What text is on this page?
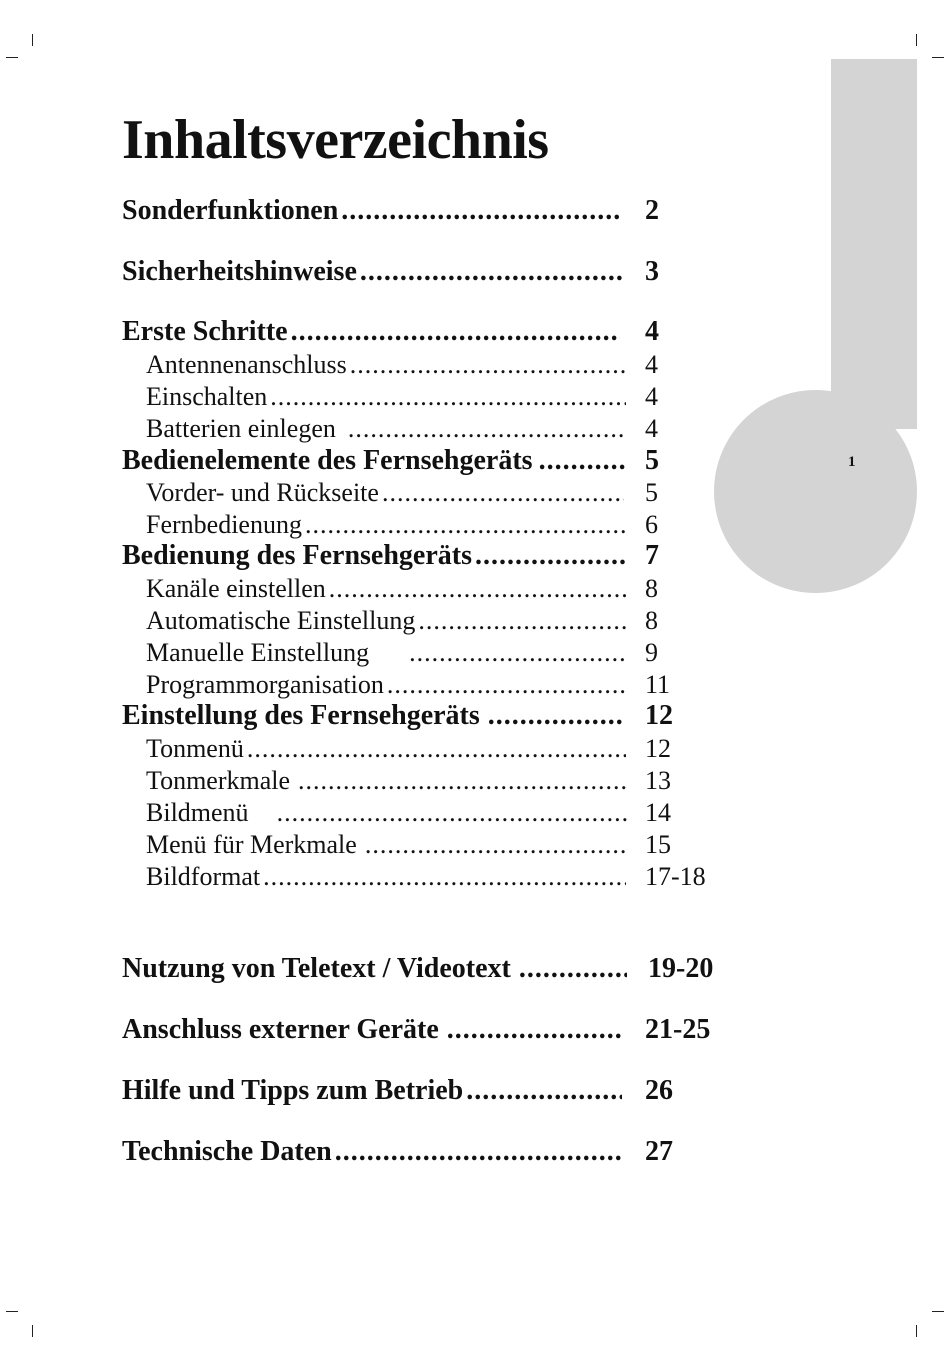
1
Inhaltsverzeichnis
Sonderfunktionen .....	2
Sicherheitshinweise .....	3
Erste Schritte .....	4
Antennenanschluss .....	4
Einschalten .....	4
Batterien einlegen .....	4
Bedienelemente des Fernsehgeräts .....	5
Vorder- und Rückseite .....	5
Fernbedienung .....	6
Bedienung des Fernsehgeräts .....	7
Kanäle einstellen .....	8
Automatische Einstellung .....	8
Manuelle Einstellung .....	9
Programmorganisation .....	11
Einstellung des Fernsehgeräts .....	12
Tonmenü .....	12
Tonmerkmale .....	13
Bildmenü .....	14
Menü für Merkmale .....	15
Bildformat .....	17-18
Nutzung von Teletext / Videotext .....	19-20
Anschluss externer Geräte .....	21-25
Hilfe und Tipps zum Betrieb .....	26
Technische Daten .....	27
